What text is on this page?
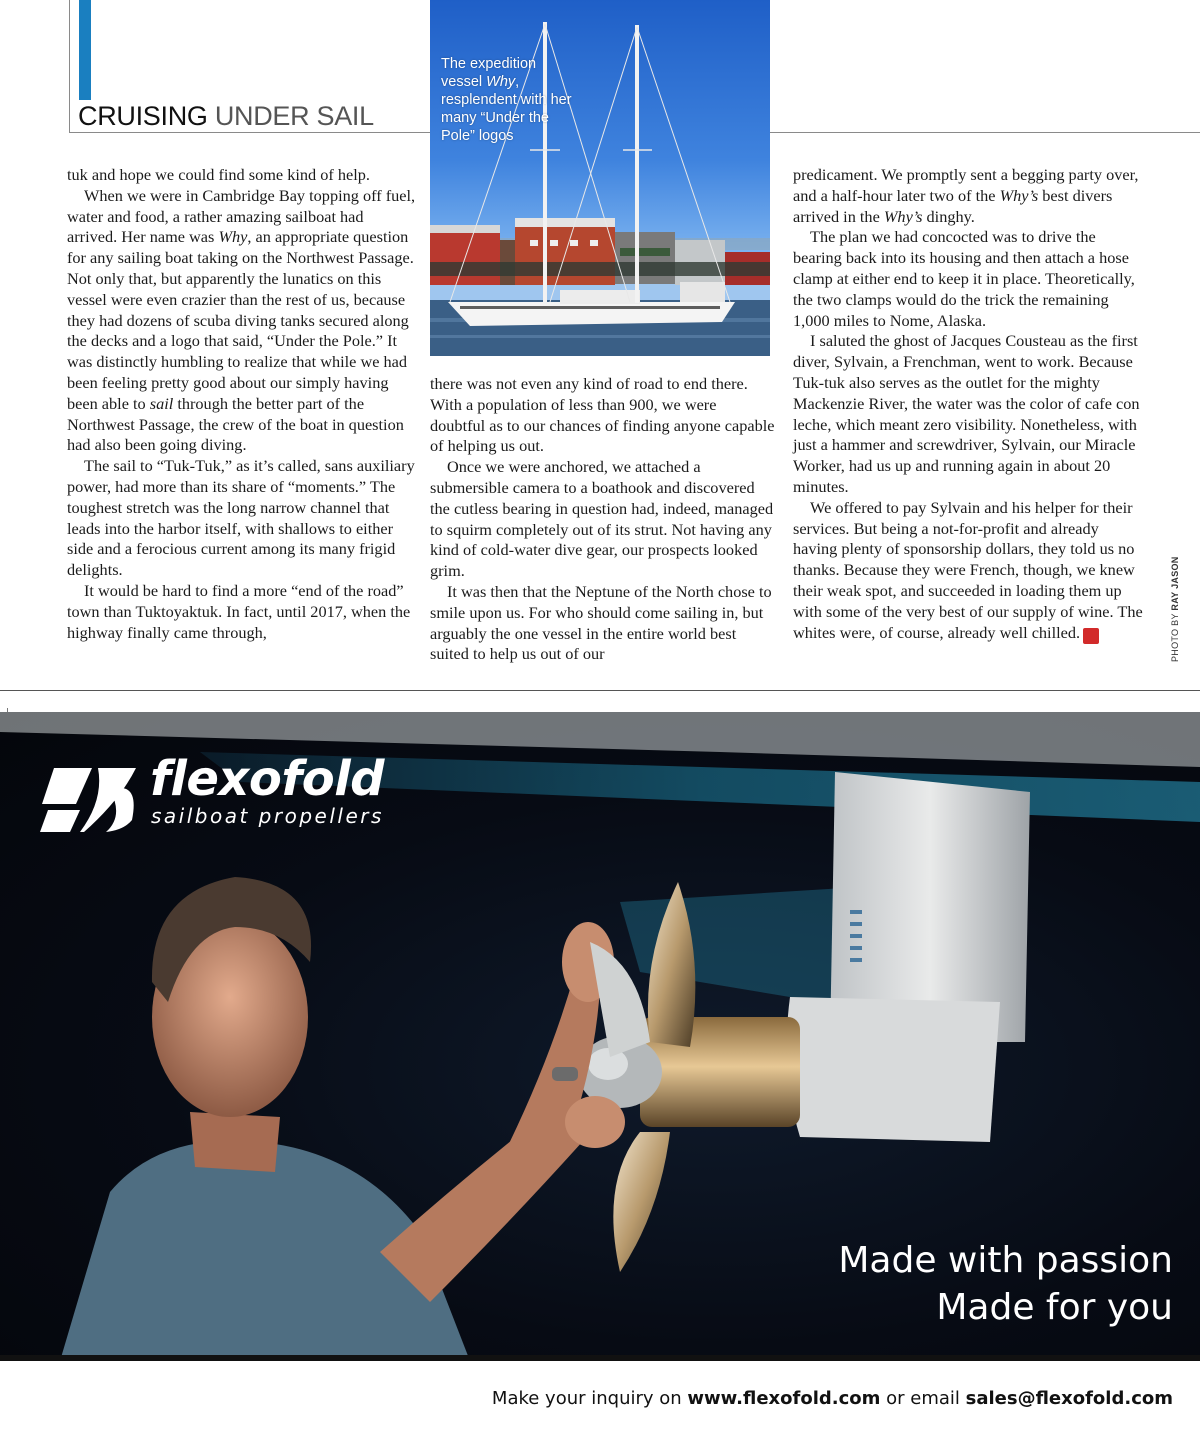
CRUISING UNDER SAIL
The expedition
vessel Why,
resplendent with her
many “Under the
Pole” logos

tuk and hope we could find some kind of help.

When we were in Cambridge Bay topping off fuel, water and food, a rather amazing sailboat had arrived. Her name was Why, an appropriate question for any sailing boat taking on the Northwest Passage. Not only that, but apparently the lunatics on this vessel were even crazier than the rest of us, because they had dozens of scuba diving tanks secured along the decks and a logo that said, “Under the Pole.” It was distinctly humbling to realize that while we had been feeling pretty good about our simply having been able to sail through the better part of the Northwest Passage, the crew of the boat in question had also been going diving.

The sail to “Tuk-Tuk,” as it’s called, sans auxiliary power, had more than its share of “moments.” The toughest stretch was the long narrow channel that leads into the harbor itself, with shallows to either side and a ferocious current among its many frigid delights.

It would be hard to find a more “end of the road” town than Tuktoyaktuk. In fact, until 2017, when the highway finally came through,

there was not even any kind of road to end there. With a population of less than 900, we were doubtful as to our chances of finding anyone capable of helping us out.

Once we were anchored, we attached a submersible camera to a boathook and discovered the cutless bearing in question had, indeed, managed to squirm completely out of its strut. Not having any kind of cold-water dive gear, our prospects looked grim.

It was then that the Neptune of the North chose to smile upon us. For who should come sailing in, but arguably the one vessel in the entire world best suited to help us out of our

predicament. We promptly sent a begging party over, and a half-hour later two of the Why’s best divers arrived in the Why’s dinghy.

The plan we had concocted was to drive the bearing back into its housing and then attach a hose clamp at either end to keep it in place. Theoretically, the two clamps would do the trick the remaining 1,000 miles to Nome, Alaska.

I saluted the ghost of Jacques Cousteau as the first diver, Sylvain, a Frenchman, went to work. Because Tuk-tuk also serves as the outlet for the mighty Mackenzie River, the water was the color of cafe con leche, which meant zero visibility. Nonetheless, with just a hammer and screwdriver, Sylvain, our Miracle Worker, had us up and running again in about 20 minutes.

We offered to pay Sylvain and his helper for their services. But being a not-for-profit and already having plenty of sponsorship dollars, they told us no thanks. Because they were French, though, we knew their weak spot, and succeeded in loading them up with some of the very best of our supply of wine. The whites were, of course, already well chilled. S	PHOTO BY RAY JASON
flexofold
sailboat propellers
Made with passion
Made for you
Make your inquiry on www.flexofold.com or email sales@flexofold.com
